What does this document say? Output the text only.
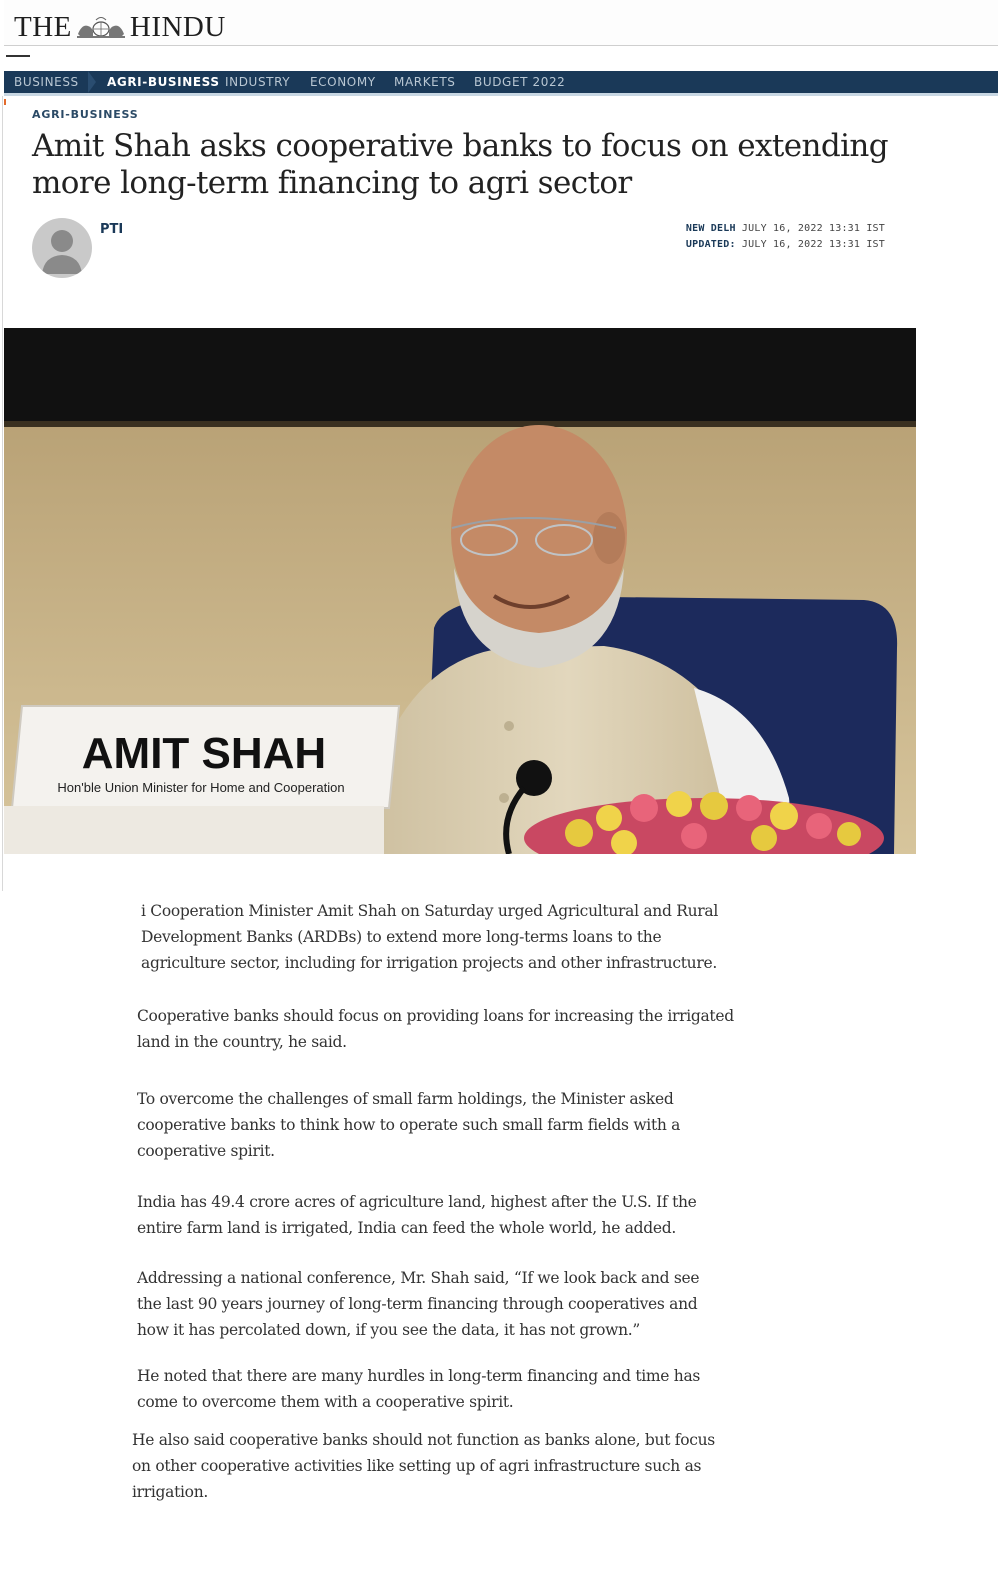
THE HINDU
BUSINESS AGRI-BUSINESS INDUSTRY ECONOMY MARKETS BUDGET 2022
AGRI-BUSINESS
Amit Shah asks cooperative banks to focus on extending more long-term financing to agri sector
PTI	NEW DELH JULY 16, 2022 13:31 IST
UPDATED: JULY 16, 2022 13:31 IST
AMIT SHAH
Hon'ble Union Minister for Home and Cooperation

i Cooperation Minister Amit Shah on Saturday urged Agricultural and Rural Development Banks (ARDBs) to extend more long-terms loans to the agriculture sector, including for irrigation projects and other infrastructure.

Cooperative banks should focus on providing loans for increasing the irrigated land in the country, he said.

To overcome the challenges of small farm holdings, the Minister asked cooperative banks to think how to operate such small farm fields with a cooperative spirit.

India has 49.4 crore acres of agriculture land, highest after the U.S. If the entire farm land is irrigated, India can feed the whole world, he added.

Addressing a national conference, Mr. Shah said, “If we look back and see the last 90 years journey of long-term financing through cooperatives and how it has percolated down, if you see the data, it has not grown.”

He noted that there are many hurdles in long-term financing and time has come to overcome them with a cooperative spirit.

He also said cooperative banks should not function as banks alone, but focus on other cooperative activities like setting up of agri infrastructure such as irrigation.
